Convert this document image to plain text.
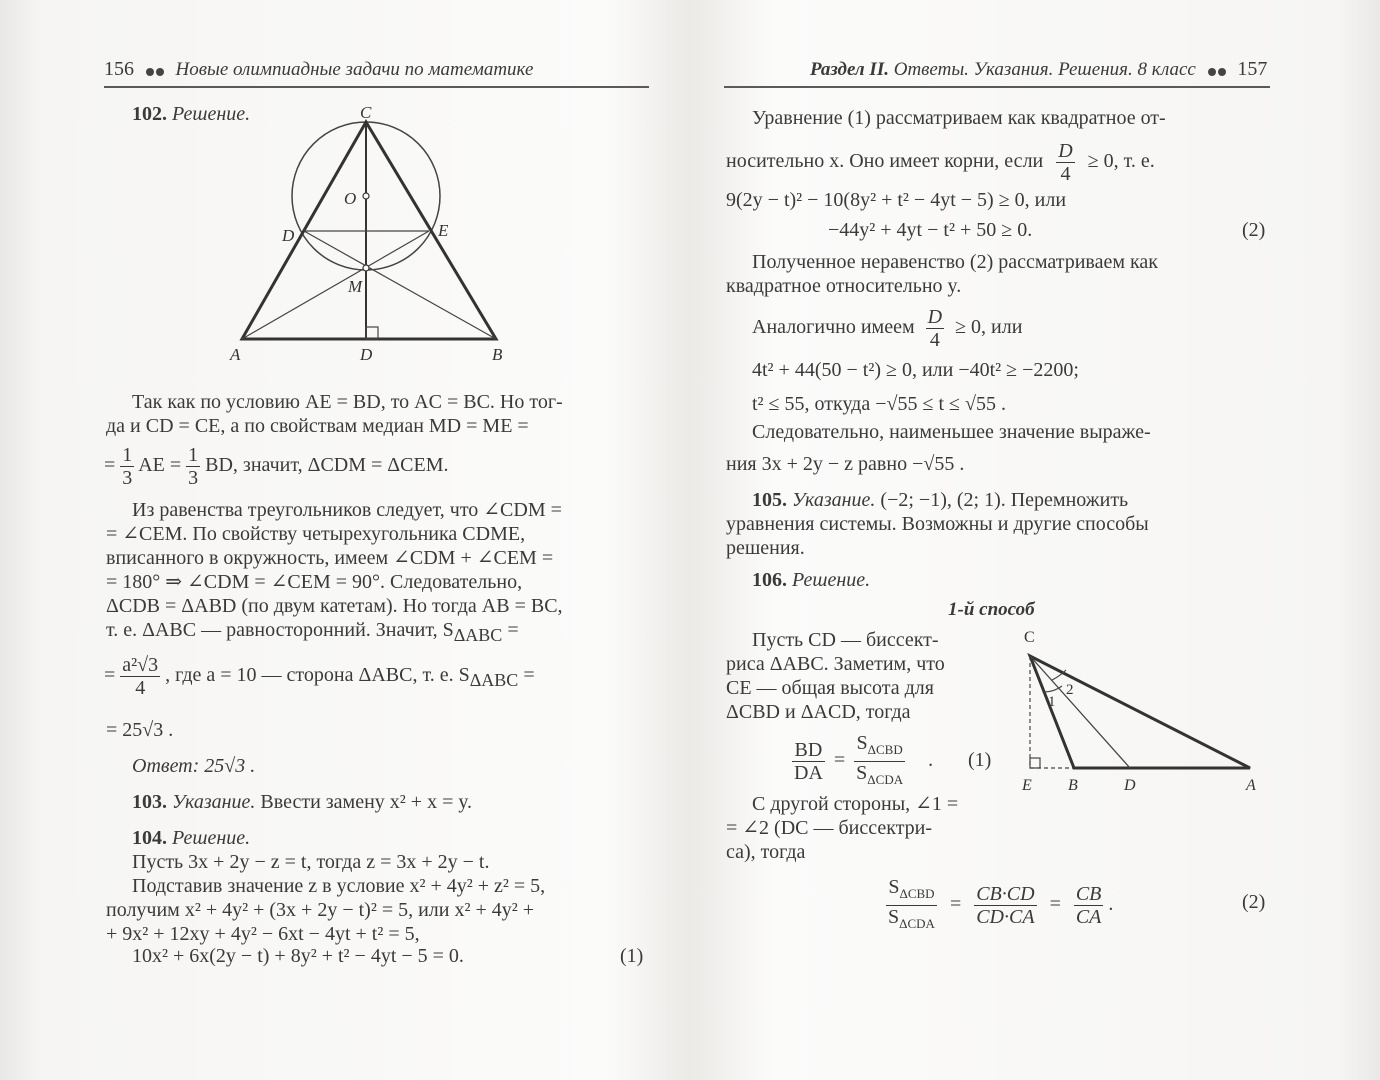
156 Новые олимпиадные задачи по математике
102. Решение.	C
O
D	E
M
A	D	B
Так как по условию AE = BD, то AC = BC. Но тог-
да и CD = CE, а по свойствам медиан MD = ME =
= $\frac{1}{3}$ AE = $\frac{1}{3}$ BD, значит, ΔCDM = ΔCEM.
Из равенства треугольников следует, что ∠CDM =
= ∠CEM. По свойству четырехугольника CDME,
вписанного в окружность, имеем ∠CDM + ∠CEM =
= 180° ⇒ ∠CDM = ∠CEM = 90°. Следовательно,
ΔCDB = ΔABD (по двум катетам). Но тогда AB = BC,
т. е. ΔABC — равносторонний. Значит, $S_{\Delta ABC}$ =
= $\frac{\text{a²√3}}{4}$ , где a = 10 — сторона ΔABC, т. е. $S_{\Delta ABC}$ =
= 25√3 .
Ответ: 25√3 .
103. Указание. Ввести замену x² + x = y.
104. Решение.
Пусть 3x + 2y − z = t, тогда z = 3x + 2y − t.
Подставив значение z в условие x² + 4y² + z² = 5,
получим x² + 4y² + (3x + 2y − t)² = 5, или x² + 4y² +
+ 9x² + 12xy + 4y² − 6xt − 4yt + t² = 5,
10x² + 6x(2y − t) + 8y² + t² − 4yt − 5 = 0.	(1)
Раздел II. Ответы. Указания. Решения. 8 класс 157
Уравнение (1) рассматриваем как квадратное от-
носительно x. Оно имеет корни, если $\frac{D}{4} \ge 0$, т. е.
9(2y − t)² − 10(8y² + t² − 4yt − 5) ≥ 0, или
−44y² + 4yt − t² + 50 ≥ 0.	(2)
Полученное неравенство (2) рассматриваем как
квадратное относительно y.
Аналогично имеем $\frac{D}{4} \ge 0$, или
4t² + 44(50 − t²) ≥ 0, или −40t² ≥ −2200;
t² ≤ 55, откуда −√55 ≤ t ≤ √55 .
Следовательно, наименьшее значение выраже-
ния 3x + 2y − z равно −√55 .
105. Указание. (−2; −1), (2; 1). Перемножить
уравнения системы. Возможны и другие способы
решения.
106. Решение.
1-й способ
Пусть CD — биссект-
риса ΔABC. Заметим, что
CE — общая высота для
ΔCBD и ΔACD, тогда
$\frac{BD}{DA} = \frac{S_{\Delta CBD}}{S_{\Delta CDA}}$ . (1)
С другой стороны, ∠1 =
= ∠2 (DC — биссектри-
са), тогда
$\frac{S_{\Delta CBD}}{S_{\Delta CDA}} = \frac{CB\cdot CD}{CD\cdot CA} = \frac{CB}{CA}$ .	(2)
C
1
2
E B	D	A
